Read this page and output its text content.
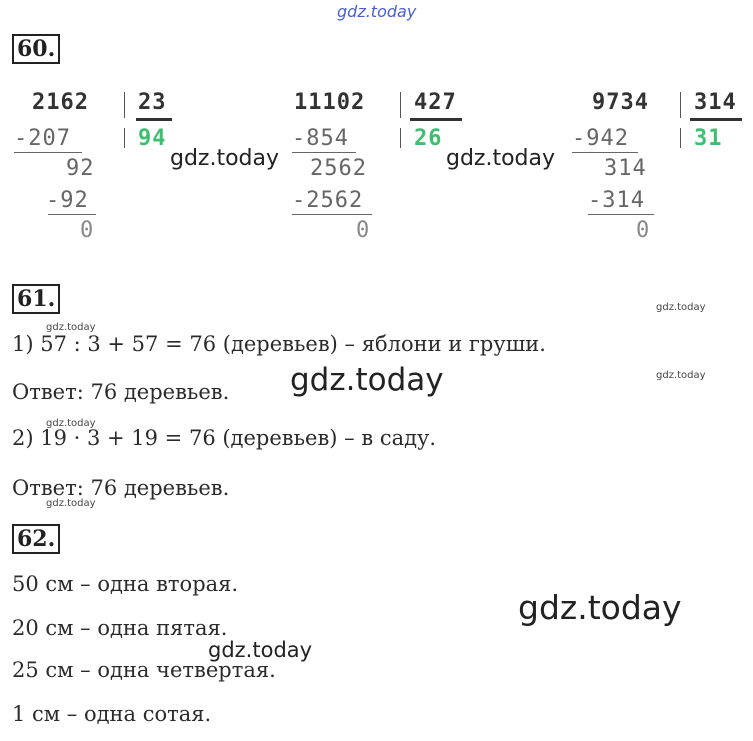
gdz.today
60.
2162 23
94
-207
92
-92
0
11102 427
26
-854
2562
-2562
0
9734 314
31
-942
314
-314
0
gdz.today	gdz.today
61.	gdz.today
gdz.today
1) 57 : 3 + 57 = 76 (деревьев) – яблони и груши.
gdz.today
gdz.today
Ответ: 76 деревьев.
gdz.today
2) 19 · 3 + 19 = 76 (деревьев) – в саду.
Ответ: 76 деревьев.
gdz.today
62.
50 см – одна вторая.
gdz.today
20 см – одна пятая.
gdz.today
25 см – одна четвертая.
1 см – одна сотая.
